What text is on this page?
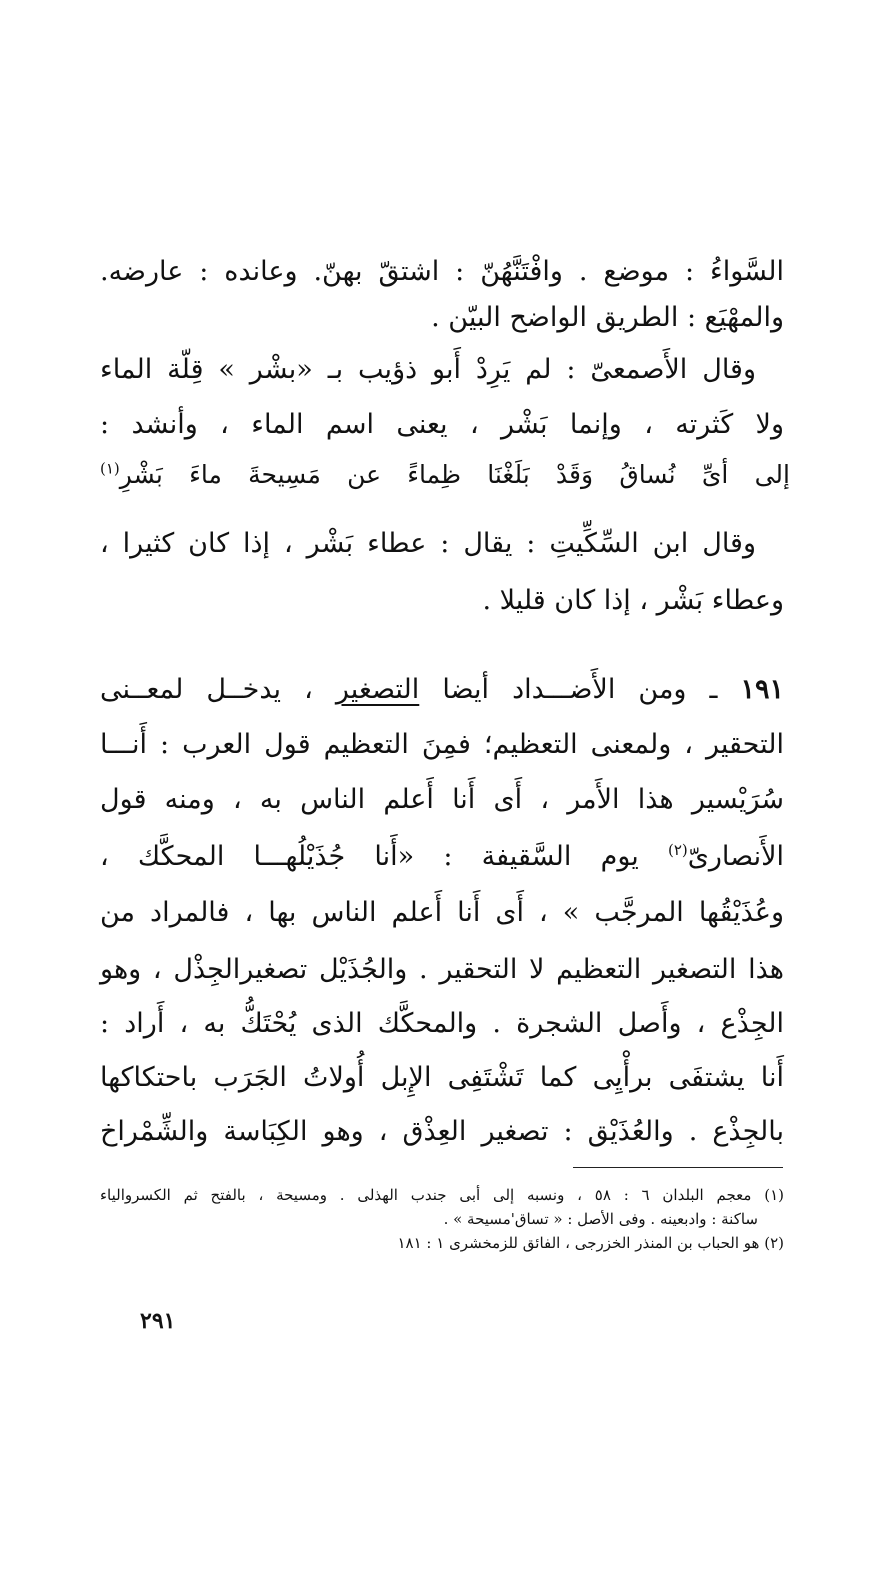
السَّواءُ : موضع . وافْتَنَّهُنّ : اشتقّ بهنّ. وعانده : عارضه.
والمهْيَع : الطريق الواضح البيّن .
وقال الأَصمعىّ : لم يَرِدْ أَبو ذؤيب بـ «بشْر » قِلّة الماء
ولا كَثرته ، وإنما بَشْر ، يعنى اسم الماء ، وأنشد :
إلى أىِّ نُساقُ وَقَدْ بَلَغْنَا ظِماءً عن مَسِيحةَ ماءَ بَشْرِ$^{(١)}$
وقال ابن السِّكِّيتِ : يقال : عطاء بَشْر ، إذا كان كثيرا ،
وعطاء بَشْر ، إذا كان قليلا .
١٩١ ـ ومن الأَضـــداد أيضا التصغير ، يدخــل لمعــنى
التحقير ، ولمعنى التعظيم؛ فمِنَ التعظيم قول العرب : أَنـــا
سُرَيْسير هذا الأَمر ، أَى أَنا أَعلم الناس به ، ومنه قول
الأَنصارىّ$^{(٢)}$ يوم السَّقيفة : «أَنا جُذَيْلُهـــا المحكَّك ،
وعُذَيْقُها المرجَّب » ، أَى أَنا أَعلم الناس بها ، فالمراد من
هذا التصغير التعظيم لا التحقير . والجُذَيْل تصغيرالجِذْل ، وهو
الجِذْع ، وأَصل الشجرة . والمحكَّك الذى يُحْتَكُّ به ، أَراد :
أَنا يشتفَى برأْيِى كما تَشْتَفِى الإِبل أُولاتُ الجَرَب باحتكاكها
بالجِذْع . والعُذَيْق : تصغير العِذْق ، وهو الكِبَاسة والشِّمْراخ
(١) معجم البلدان ٦ : ٥٨ ، ونسبه إلى أبى جندب الهذلى . ومسيحة ، بالفتح ثم الكسروالياء
ساكنة : وادبعينه . وفى الأصل : « تساق'مسيحة » .
(٢) هو الحباب بن المنذر الخزرجى ، الفائق للزمخشرى ١ : ١٨١
٢٩١
